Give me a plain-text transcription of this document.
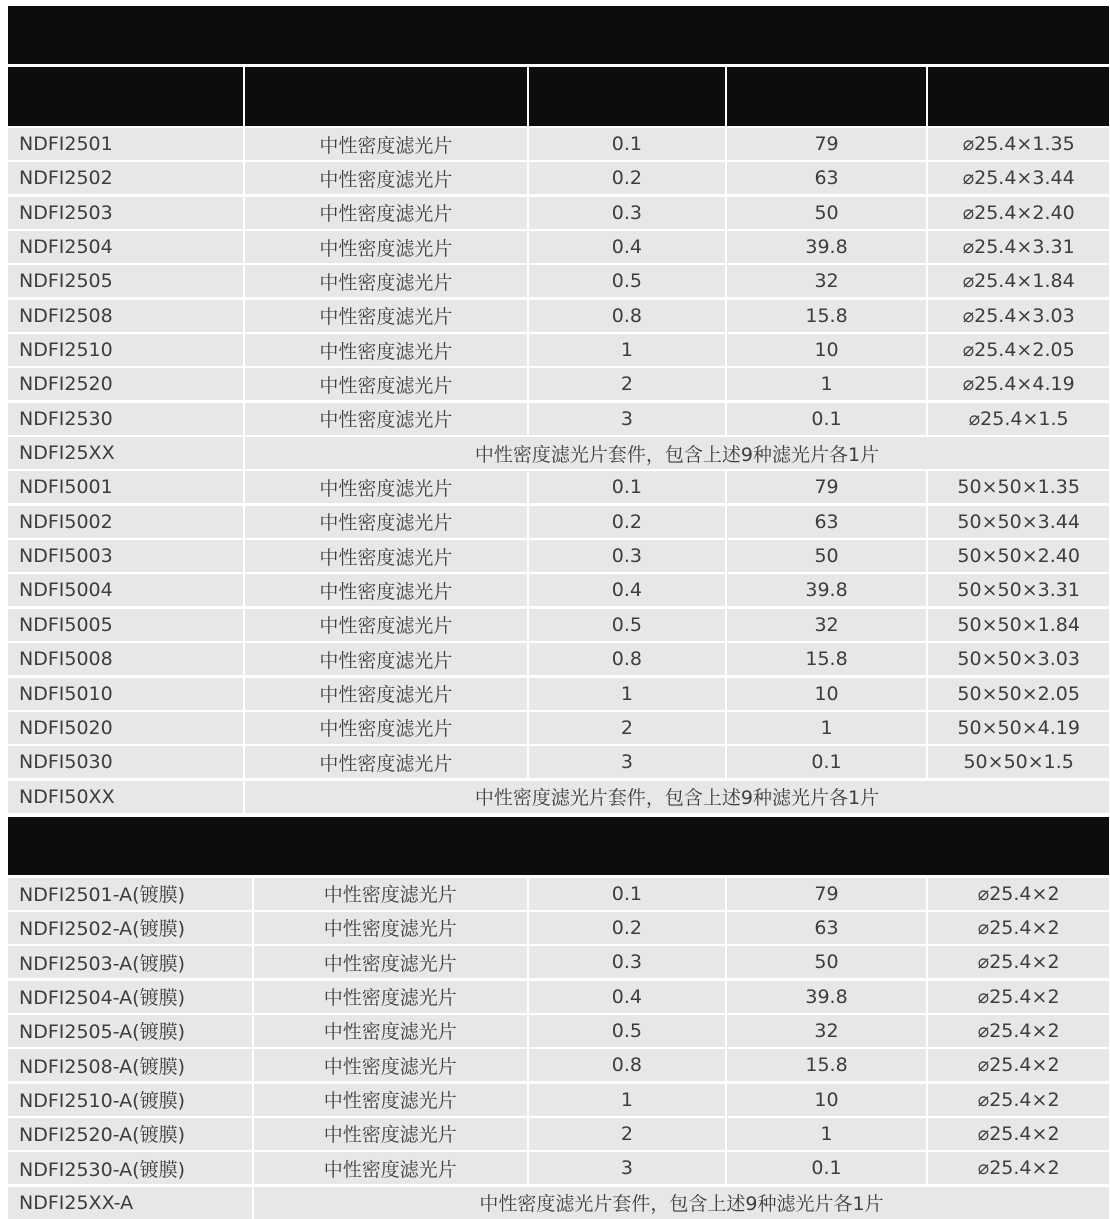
NDFI2501	中性密度滤光片	0.1	79	⌀25.4×1.35
NDFI2502	中性密度滤光片	0.2	63	⌀25.4×3.44
NDFI2503	中性密度滤光片	0.3	50	⌀25.4×2.40
NDFI2504	中性密度滤光片	0.4	39.8	⌀25.4×3.31
NDFI2505	中性密度滤光片	0.5	32	⌀25.4×1.84
NDFI2508	中性密度滤光片	0.8	15.8	⌀25.4×3.03
NDFI2510	中性密度滤光片	1	10	⌀25.4×2.05
NDFI2520	中性密度滤光片	2	1	⌀25.4×4.19
NDFI2530	中性密度滤光片	3	0.1	⌀25.4×1.5
NDFI25XX	中性密度滤光片套件，包含上述9种滤光片各1片
NDFI5001	中性密度滤光片	0.1	79	50×50×1.35
NDFI5002	中性密度滤光片	0.2	63	50×50×3.44
NDFI5003	中性密度滤光片	0.3	50	50×50×2.40
NDFI5004	中性密度滤光片	0.4	39.8	50×50×3.31
NDFI5005	中性密度滤光片	0.5	32	50×50×1.84
NDFI5008	中性密度滤光片	0.8	15.8	50×50×3.03
NDFI5010	中性密度滤光片	1	10	50×50×2.05
NDFI5020	中性密度滤光片	2	1	50×50×4.19
NDFI5030	中性密度滤光片	3	0.1	50×50×1.5
NDFI50XX	中性密度滤光片套件，包含上述9种滤光片各1片
NDFI2501-A(镀膜)	中性密度滤光片	0.1	79	⌀25.4×2
NDFI2502-A(镀膜)	中性密度滤光片	0.2	63	⌀25.4×2
NDFI2503-A(镀膜)	中性密度滤光片	0.3	50	⌀25.4×2
NDFI2504-A(镀膜)	中性密度滤光片	0.4	39.8	⌀25.4×2
NDFI2505-A(镀膜)	中性密度滤光片	0.5	32	⌀25.4×2
NDFI2508-A(镀膜)	中性密度滤光片	0.8	15.8	⌀25.4×2
NDFI2510-A(镀膜)	中性密度滤光片	1	10	⌀25.4×2
NDFI2520-A(镀膜)	中性密度滤光片	2	1	⌀25.4×2
NDFI2530-A(镀膜)	中性密度滤光片	3	0.1	⌀25.4×2
NDFI25XX-A	中性密度滤光片套件，包含上述9种滤光片各1片
